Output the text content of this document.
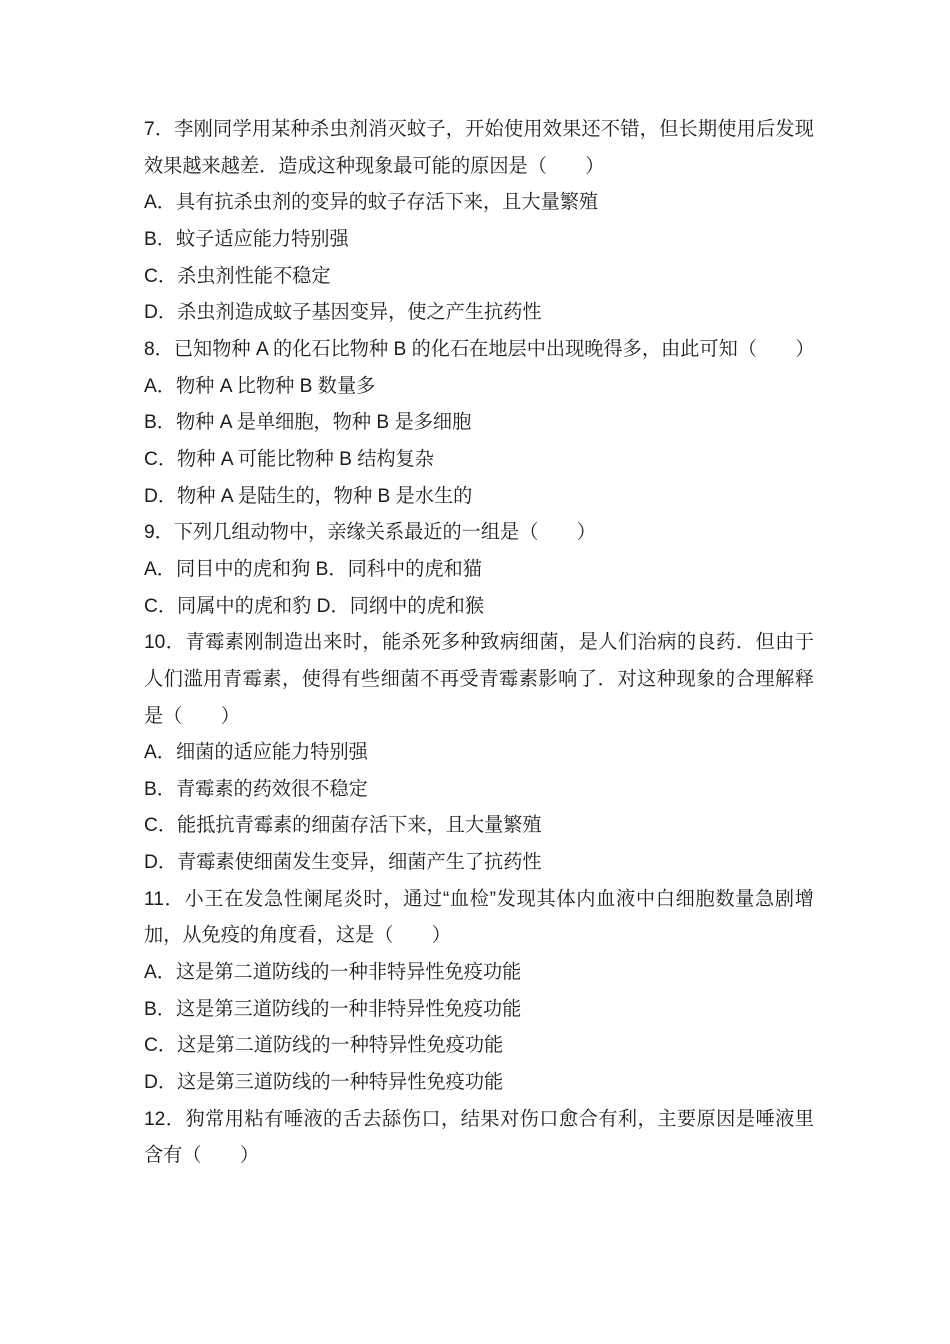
7．李刚同学用某种杀虫剂消灭蚊子，开始使用效果还不错，但长期使用后发现效果越来越差．造成这种现象最可能的原因是（　　）

A．具有抗杀虫剂的变异的蚊子存活下来，且大量繁殖

B．蚊子适应能力特别强

C．杀虫剂性能不稳定

D．杀虫剂造成蚊子基因变异，使之产生抗药性

8．已知物种 A 的化石比物种 B 的化石在地层中出现晚得多，由此可知（　　）

A．物种 A 比物种 B 数量多

B．物种 A 是单细胞，物种 B 是多细胞

C．物种 A 可能比物种 B 结构复杂

D．物种 A 是陆生的，物种 B 是水生的

9．下列几组动物中，亲缘关系最近的一组是（　　）

A．同目中的虎和狗 B．同科中的虎和猫

C．同属中的虎和豹 D．同纲中的虎和猴

10．青霉素刚制造出来时，能杀死多种致病细菌，是人们治病的良药．但由于人们滥用青霉素，使得有些细菌不再受青霉素影响了．对这种现象的合理解释是（　　）

A．细菌的适应能力特别强

B．青霉素的药效很不稳定

C．能抵抗青霉素的细菌存活下来，且大量繁殖

D．青霉素使细菌发生变异，细菌产生了抗药性

11．小王在发急性阑尾炎时，通过“血检”发现其体内血液中白细胞数量急剧增加，从免疫的角度看，这是（　　）

A．这是第二道防线的一种非特异性免疫功能

B．这是第三道防线的一种非特异性免疫功能

C．这是第二道防线的一种特异性免疫功能

D．这是第三道防线的一种特异性免疫功能

12．狗常用粘有唾液的舌去舔伤口，结果对伤口愈合有利，主要原因是唾液里含有（　　）
